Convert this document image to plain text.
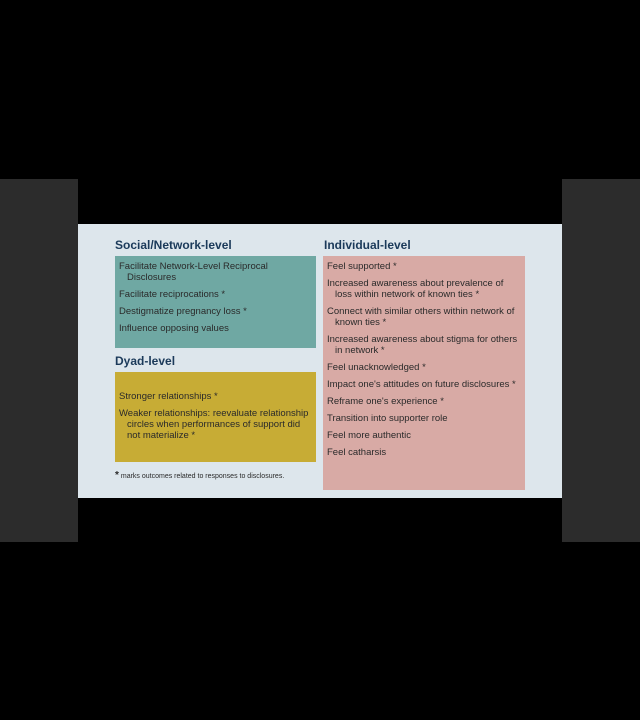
Social/Network-level
Facilitate Network-Level Reciprocal Disclosures
Facilitate reciprocations *
Destigmatize pregnancy loss *
Influence opposing values
Dyad-level
Stronger relationships *
Weaker relationships: reevaluate relationship circles when performances of support did not materialize *
Individual-level
Feel supported *
Increased awareness about prevalence of loss within network of known ties *
Connect with similar others within network of known ties *
Increased awareness about stigma for others in network *
Feel unacknowledged *
Impact one's attitudes on future disclosures *
Reframe one's experience *
Transition into supporter role
Feel more authentic
Feel catharsis
* marks outcomes related to responses to disclosures.
